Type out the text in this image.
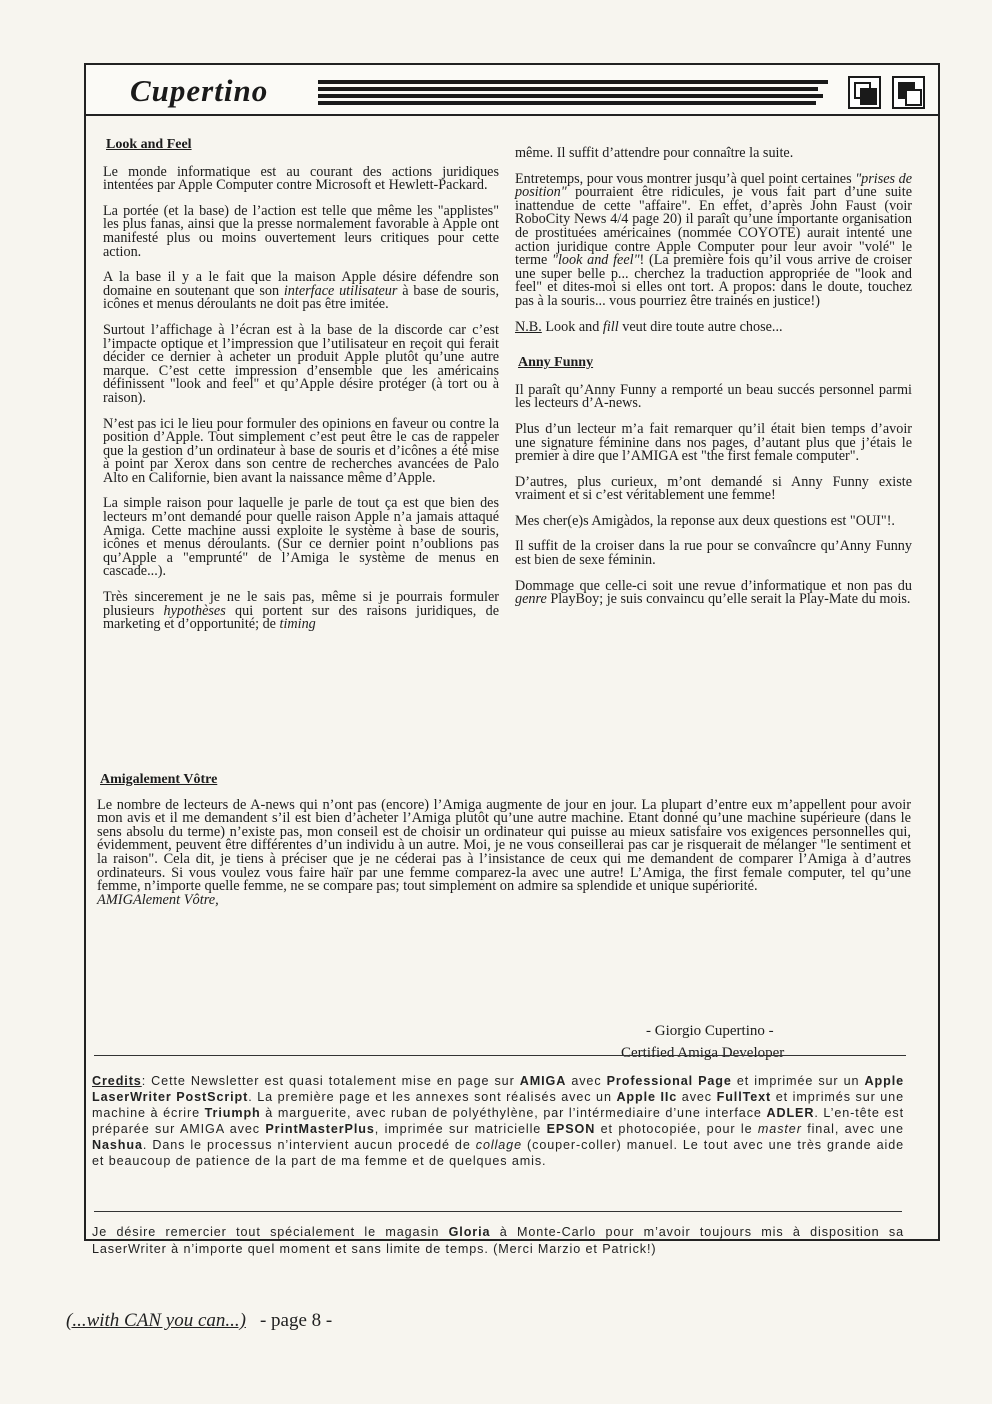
Cupertino
Look and Feel

Le monde informatique est au courant des actions juridiques intentées par Apple Computer contre Microsoft et Hewlett-Packard.

La portée (et la base) de l’action est telle que même les "applistes" les plus fanas, ainsi que la presse normalement favorable à Apple ont manifesté plus ou moins ouvertement leurs critiques pour cette action.

A la base il y a le fait que la maison Apple désire défendre son domaine en soutenant que son interface utilisateur à base de souris, icônes et menus déroulants ne doit pas être imitée.

Surtout l’affichage à l’écran est à la base de la discorde car c’est l’impacte optique et l’impression que l’utilisateur en reçoit qui ferait décider ce dernier à acheter un produit Apple plutôt qu’une autre marque. C’est cette impression d’ensemble que les américains définissent "look and feel" et qu’Apple désire protéger (à tort ou à raison).

N’est pas ici le lieu pour formuler des opinions en faveur ou contre la position d’Apple. Tout simplement c’est peut être le cas de rappeler que la gestion d’un ordinateur à base de souris et d’icônes a été mise à point par Xerox dans son centre de recherches avancées de Palo Alto en Californie, bien avant la naissance même d’Apple.

La simple raison pour laquelle je parle de tout ça est que bien des lecteurs m’ont demandé pour quelle raison Apple n’a jamais attaqué Amiga. Cette machine aussi exploite le système à base de souris, icônes et menus déroulants. (Sur ce dernier point n’oublions pas qu’Apple a "emprunté" de l’Amiga le système de menus en cascade...).

Très sincerement je ne le sais pas, même si je pourrais formuler plusieurs hypothèses qui portent sur des raisons juridiques, de marketing et d’opportunité; de timing

même. Il suffit d’attendre pour connaître la suite.

Entretemps, pour vous montrer jusqu’à quel point certaines "prises de position" pourraient être ridicules, je vous fait part d’une suite inattendue de cette "affaire". En effet, d’après John Faust (voir RoboCity News 4/4 page 20) il paraît qu’une importante organisation de prostituées américaines (nommée COYOTE) aurait intenté une action juridique contre Apple Computer pour leur avoir "volé" le terme "look and feel"! (La première fois qu’il vous arrive de croiser une super belle p... cherchez la traduction appropriée de "look and feel" et dites-moi si elles ont tort. A propos: dans le doute, touchez pas à la souris... vous pourriez être trainés en justice!)

N.B. Look and fill veut dire toute autre chose...

Anny Funny

Il paraît qu’Anny Funny a remporté un beau succés personnel parmi les lecteurs d’A-news.

Plus d’un lecteur m’a fait remarquer qu’il était bien temps d’avoir une signature féminine dans nos pages, d’autant plus que j’étais le premier à dire que l’AMIGA est "the first female computer".

D’autres, plus curieux, m’ont demandé si Anny Funny existe vraiment et si c’est véritablement une femme!

Mes cher(e)s Amigàdos, la reponse aux deux questions est "OUI"!.

Il suffit de la croiser dans la rue pour se convaîncre qu’Anny Funny est bien de sexe féminin.

Dommage que celle-ci soit une revue d’informatique et non pas du genre PlayBoy; je suis convaincu qu’elle serait la Play-Mate du mois.

Amigalement Vôtre

Le nombre de lecteurs de A-news qui n’ont pas (encore) l’Amiga augmente de jour en jour. La plupart d’entre eux m’appellent pour avoir mon avis et il me demandent s’il est bien d’acheter l’Amiga plutôt qu’une autre machine. Etant donné qu’une machine supérieure (dans le sens absolu du terme) n’existe pas, mon conseil est de choisir un ordinateur qui puisse au mieux satisfaire vos exigences personnelles qui, évidemment, peuvent être différentes d’un individu à un autre. Moi, je ne vous conseillerai pas car je risquerait de mélanger "le sentiment et la raison". Cela dit, je tiens à préciser que je ne céderai pas à l’insistance de ceux qui me demandent de comparer l’Amiga à d’autres ordinateurs. Si vous voulez vous faire haïr par une femme comparez-la avec une autre! L’Amiga, the first female computer, tel qu’une femme, n’importe quelle femme, ne se compare pas; tout simplement on admire sa splendide et unique supériorité.

AMIGAlement Vôtre,

- Giorgio Cupertino -
Certified Amiga Developer
Credits: Cette Newsletter est quasi totalement mise en page sur AMIGA avec Professional Page et imprimée sur un Apple LaserWriter PostScript. La première page et les annexes sont réalisés avec un Apple IIc avec FullText et imprimés sur une machine à écrire Triumph à marguerite, avec ruban de polyéthylène, par l’intérmediaire d’une interface ADLER. L’en-tête est préparée sur AMIGA avec PrintMasterPlus, imprimée sur matricielle EPSON et photocopiée, pour le master final, avec une Nashua. Dans le processus n’intervient aucun procedé de collage (couper-coller) manuel. Le tout avec une très grande aide et beaucoup de patience de la part de ma femme et de quelques amis.
Je désire remercier tout spécialement le magasin Gloria à Monte-Carlo pour m’avoir toujours mis à disposition sa LaserWriter à n’importe quel moment et sans limite de temps. (Merci Marzio et Patrick!)
(...with CAN you can...) - page 8 -
